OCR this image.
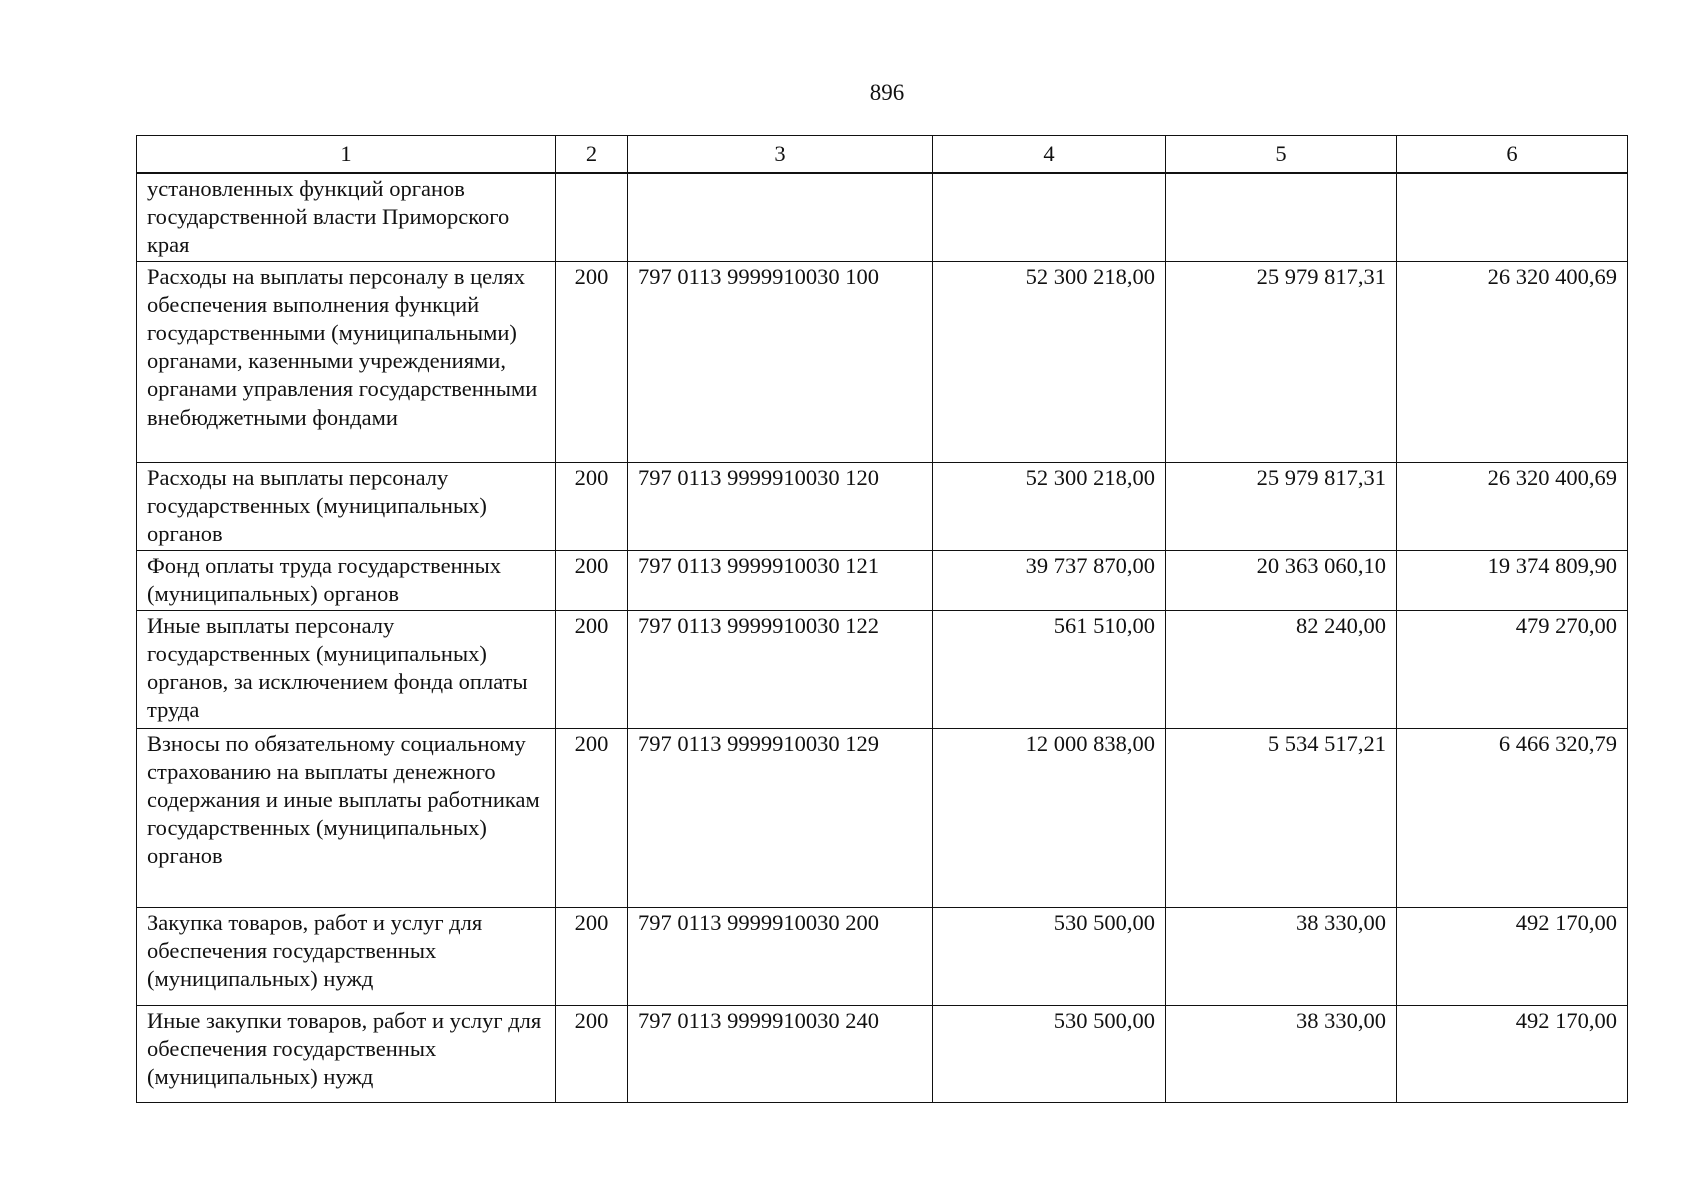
896
1	2	3	4	5	6

установленных функций органов государственной власти Приморского края					

Расходы на выплаты персоналу в целях обеспечения выполнения функций государственными (муниципальными) органами, казенными учреждениями, органами управления государственными внебюджетными фондами	200	797 0113 9999910030 100	52 300 218,00	25 979 817,31	26 320 400,69

Расходы на выплаты персоналу государственных (муниципальных) органов	200	797 0113 9999910030 120	52 300 218,00	25 979 817,31	26 320 400,69

Фонд оплаты труда государственных (муниципальных) органов	200	797 0113 9999910030 121	39 737 870,00	20 363 060,10	19 374 809,90

Иные выплаты персоналу государственных (муниципальных) органов, за исключением фонда оплаты труда	200	797 0113 9999910030 122	561 510,00	82 240,00	479 270,00

Взносы по обязательному социальному страхованию на выплаты денежного содержания и иные выплаты работникам государственных (муниципальных) органов	200	797 0113 9999910030 129	12 000 838,00	5 534 517,21	6 466 320,79

Закупка товаров, работ и услуг для обеспечения государственных (муниципальных) нужд	200	797 0113 9999910030 200	530 500,00	38 330,00	492 170,00

Иные закупки товаров, работ и услуг для обеспечения государственных (муниципальных) нужд	200	797 0113 9999910030 240	530 500,00	38 330,00	492 170,00
